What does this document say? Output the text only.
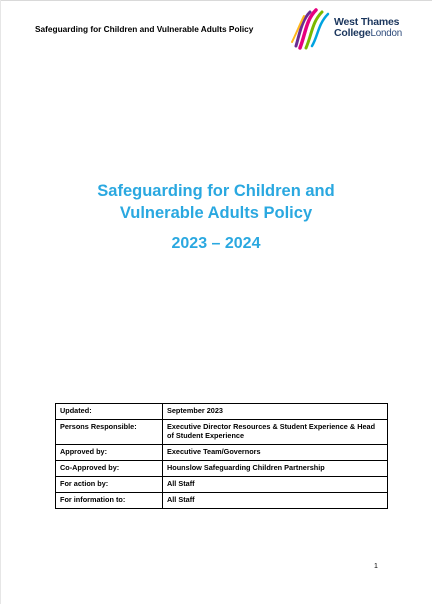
Safeguarding for Children and Vulnerable Adults Policy
West Thames
CollegeLondon
Safeguarding for Children and
Vulnerable Adults Policy
2023 – 2024
Updated:	September 2023
Persons Responsible:	Executive Director Resources & Student Experience & Head of Student Experience
Approved by:	Executive Team/Governors
Co-Approved by:	Hounslow Safeguarding Children Partnership
For action by:	All Staff
For information to:	All Staff
1
